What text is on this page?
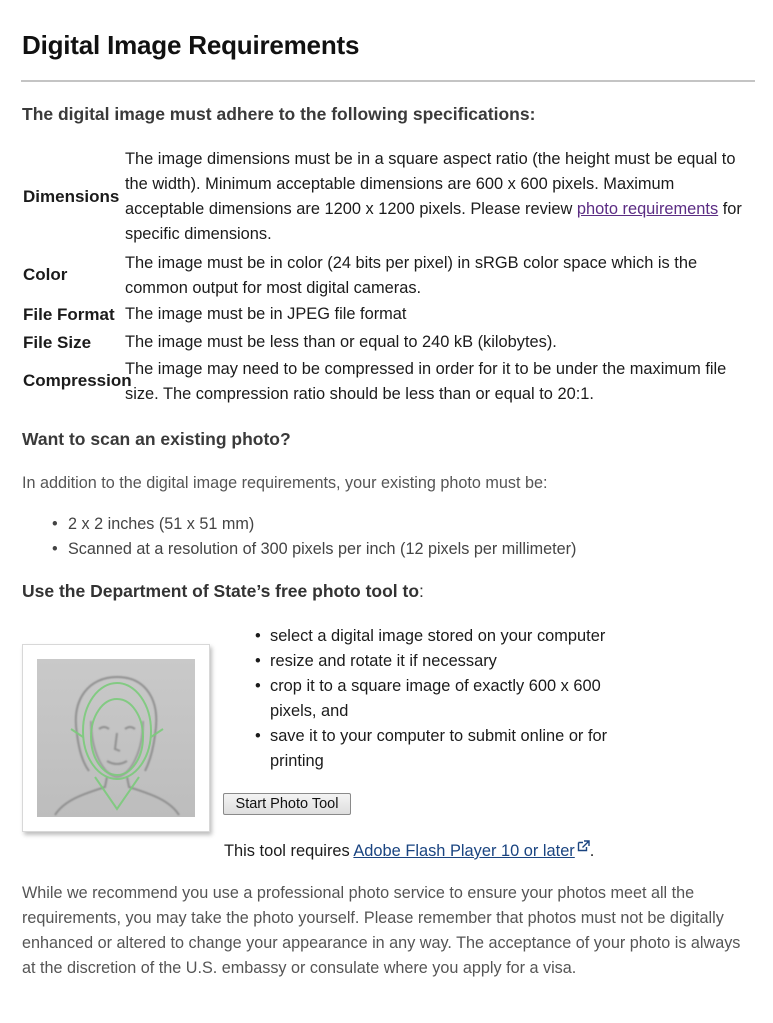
Digital Image Requirements
The digital image must adhere to the following specifications:
Dimensions
The image dimensions must be in a square aspect ratio (the height must be equal to the width). Minimum acceptable dimensions are 600 x 600 pixels. Maximum acceptable dimensions are 1200 x 1200 pixels. Please review photo requirements for specific dimensions.
Color
The image must be in color (24 bits per pixel) in sRGB color space which is the common output for most digital cameras.
File Format The image must be in JPEG file format
File Size The image must be less than or equal to 240 kB (kilobytes).
Compression
The image may need to be compressed in order for it to be under the maximum file size. The compression ratio should be less than or equal to 20:1.
Want to scan an existing photo?

In addition to the digital image requirements, your existing photo must be:

• 2 x 2 inches (51 x 51 mm)
• Scanned at a resolution of 300 pixels per inch (12 pixels per millimeter)
Use the Department of State’s free photo tool to:
• select a digital image stored on your computer
• resize and rotate it if necessary
• crop it to a square image of exactly 600 x 600 pixels, and
• save it to your computer to submit online or for printing
Start Photo Tool
This tool requires Adobe Flash Player 10 or later .

While we recommend you use a professional photo service to ensure your photos meet all the requirements, you may take the photo yourself. Please remember that photos must not be digitally enhanced or altered to change your appearance in any way. The acceptance of your photo is always at the discretion of the U.S. embassy or consulate where you apply for a visa.
